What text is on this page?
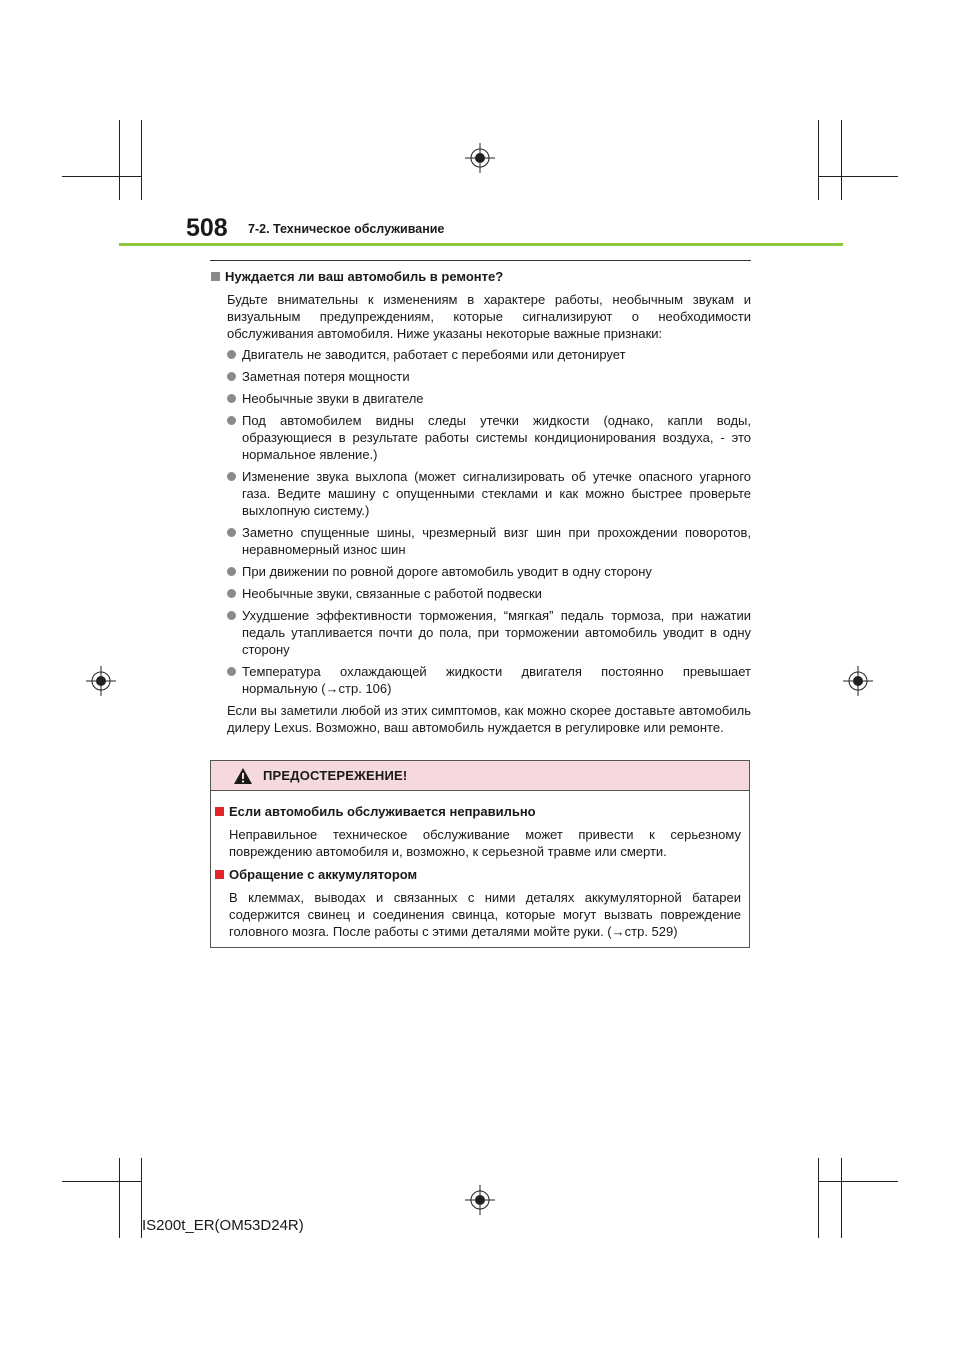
508 7-2. Техническое обслуживание
Нуждается ли ваш автомобиль в ремонте?
Будьте внимательны к изменениям в характере работы, необычным звукам и визуальным предупреждениям, которые сигнализируют о необходимости обслуживания автомобиля. Ниже указаны некоторые важные признаки:
Двигатель не заводится, работает с перебоями или детонирует
Заметная потеря мощности
Необычные звуки в двигателе
Под автомобилем видны следы утечки жидкости (однако, капли воды, образующиеся в результате работы системы кондиционирования воздуха, - это нормальное явление.)
Изменение звука выхлопа (может сигнализировать об утечке опасного угарного газа. Ведите машину с опущенными стеклами и как можно быстрее проверьте выхлопную систему.)
Заметно спущенные шины, чрезмерный визг шин при прохождении поворотов, неравномерный износ шин
При движении по ровной дороге автомобиль уводит в одну сторону
Необычные звуки, связанные с работой подвески
Ухудшение эффективности торможения, “мягкая” педаль тормоза, при нажатии педаль утапливается почти до пола, при торможении автомобиль уводит в одну сторону
Температура охлаждающей жидкости двигателя постоянно превышает нормальную (→стр. 106)
Если вы заметили любой из этих симптомов, как можно скорее доставьте автомобиль дилеру Lexus. Возможно, ваш автомобиль нуждается в регулировке или ремонте.
ПРЕДОСТЕРЕЖЕНИЕ!
Если автомобиль обслуживается неправильно
Неправильное техническое обслуживание может привести к серьезному повреждению автомобиля и, возможно, к серьезной травме или смерти.
Обращение с аккумулятором
В клеммах, выводах и связанных с ними деталях аккумуляторной батареи содержится свинец и соединения свинца, которые могут вызвать повреждение головного мозга. После работы с этими деталями мойте руки. (→стр. 529)
IS200t_ER(OM53D24R)
